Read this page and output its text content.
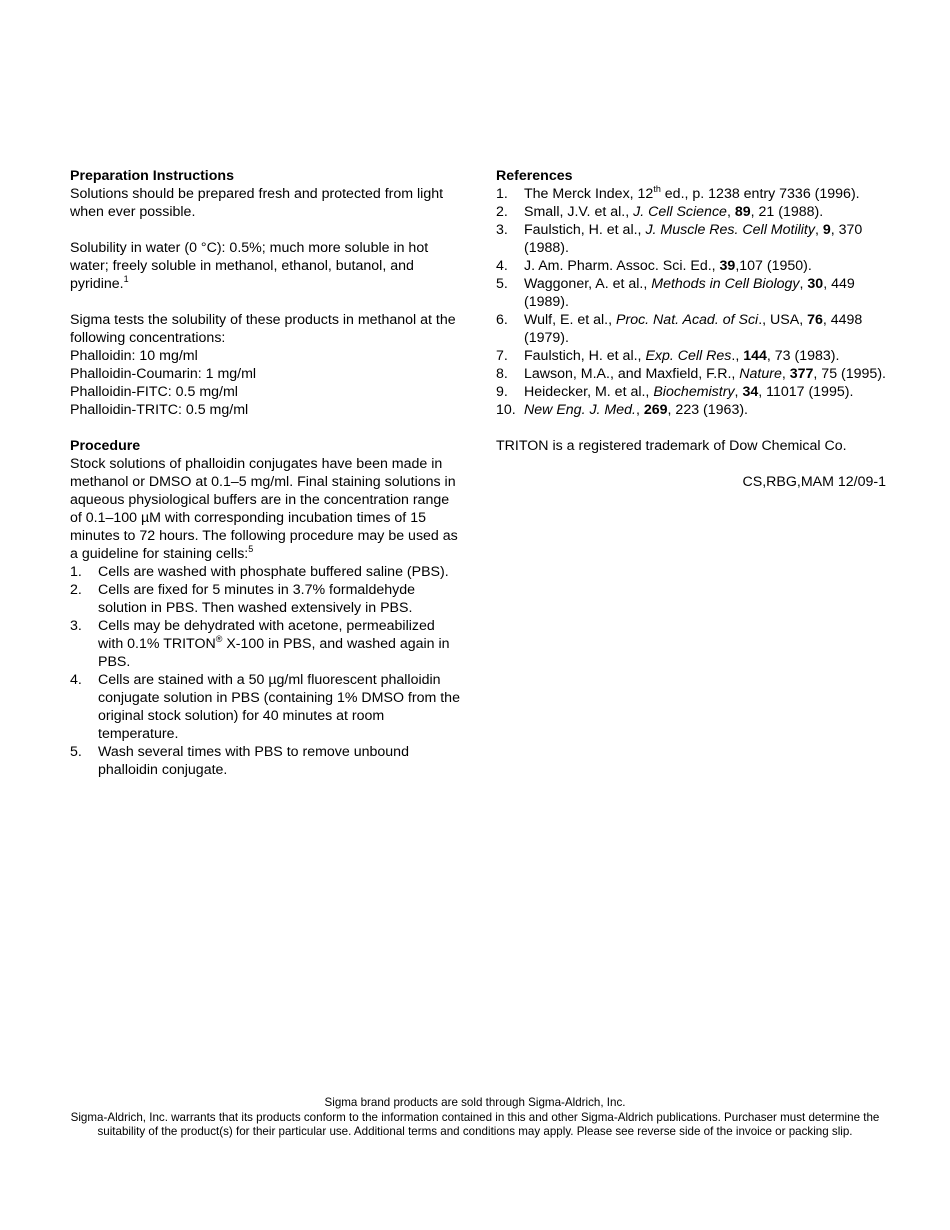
Preparation Instructions

Solutions should be prepared fresh and protected from light when ever possible.

Solubility in water (0 °C): 0.5%; much more soluble in hot water; freely soluble in methanol, ethanol, butanol, and pyridine.$^1$

Sigma tests the solubility of these products in methanol at the following concentrations:

Phalloidin: 10 mg/ml

Phalloidin-Coumarin: 1 mg/ml

Phalloidin-FITC: 0.5 mg/ml

Phalloidin-TRITC: 0.5 mg/ml

Procedure

Stock solutions of phalloidin conjugates have been made in methanol or DMSO at 0.1–5 mg/ml. Final staining solutions in aqueous physiological buffers are in the concentration range of 0.1–100 µM with corresponding incubation times of 15 minutes to 72 hours. The following procedure may be used as a guideline for staining cells:$^5$

1. Cells are washed with phosphate buffered saline (PBS).
2. Cells are fixed for 5 minutes in 3.7% formaldehyde solution in PBS. Then washed extensively in PBS.
3. Cells may be dehydrated with acetone, permeabilized with 0.1% TRITON® X-100 in PBS, and washed again in PBS.
4. Cells are stained with a 50 µg/ml fluorescent phalloidin conjugate solution in PBS (containing 1% DMSO from the original stock solution) for 40 minutes at room temperature.
5. Wash several times with PBS to remove unbound phalloidin conjugate.

References

1. The Merck Index, 12th ed., p. 1238 entry 7336 (1996).
2. Small, J.V. et al., J. Cell Science, 89, 21 (1988).
3. Faulstich, H. et al., J. Muscle Res. Cell Motility, 9, 370 (1988).
4. J. Am. Pharm. Assoc. Sci. Ed., 39,107 (1950).
5. Waggoner, A. et al., Methods in Cell Biology, 30, 449 (1989).
6. Wulf, E. et al., Proc. Nat. Acad. of Sci., USA, 76, 4498 (1979).
7. Faulstich, H. et al., Exp. Cell Res., 144, 73 (1983).
8. Lawson, M.A., and Maxfield, F.R., Nature, 377, 75 (1995).
9. Heidecker, M. et al., Biochemistry, 34, 11017 (1995).
10. New Eng. J. Med., 269, 223 (1963).

TRITON is a registered trademark of Dow Chemical Co.

CS,RBG,MAM 12/09-1

Sigma brand products are sold through Sigma-Aldrich, Inc.

Sigma-Aldrich, Inc. warrants that its products conform to the information contained in this and other Sigma-Aldrich publications. Purchaser must determine the suitability of the product(s) for their particular use. Additional terms and conditions may apply. Please see reverse side of the invoice or packing slip.
